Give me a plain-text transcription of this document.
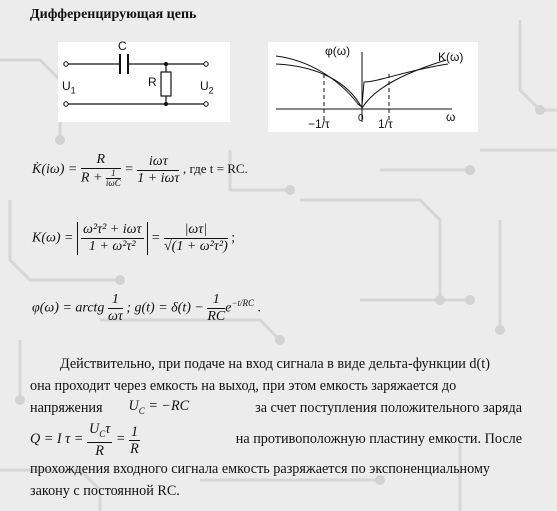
Дифференцирующая цепь
C
R
$U_1$	$U_2$
φ(ω)	K(ω)
−1/τ	0 1/τ	ω
K̇(iω) = $\frac{R}{R + \frac{1}{\text{iωC}}} = \frac{\text{iωτ}}{\text{1 + iωτ}}$ , где t = RC.
$K(\omega) = \frac{\text{ω²τ² + iωτ}}{\text{1 + ω²τ²}} = \frac{|\omega\tau|}{\text{√(1 + ω²τ²)}}$ ;
φ(ω) = arctg $\frac{1}{\omega\tau}$ ; $g(t) = \delta(t) - \frac{1}{RC} e^{-t/RC}$ .
Действительно, при подаче на вход сигнала в виде дельта-функции d(t)
она проходит через емкость на выход, при этом емкость заряжается до
напряжения $U_C = -RC$	за счет поступления положительного заряда
Q = I $\tau = \frac{U_C\tau}{R} = \frac{1}{R}$	на противоположную пластину емкости. После
прохождения входного сигнала емкость разряжается по экспоненциальному
закону с постоянной RC.
